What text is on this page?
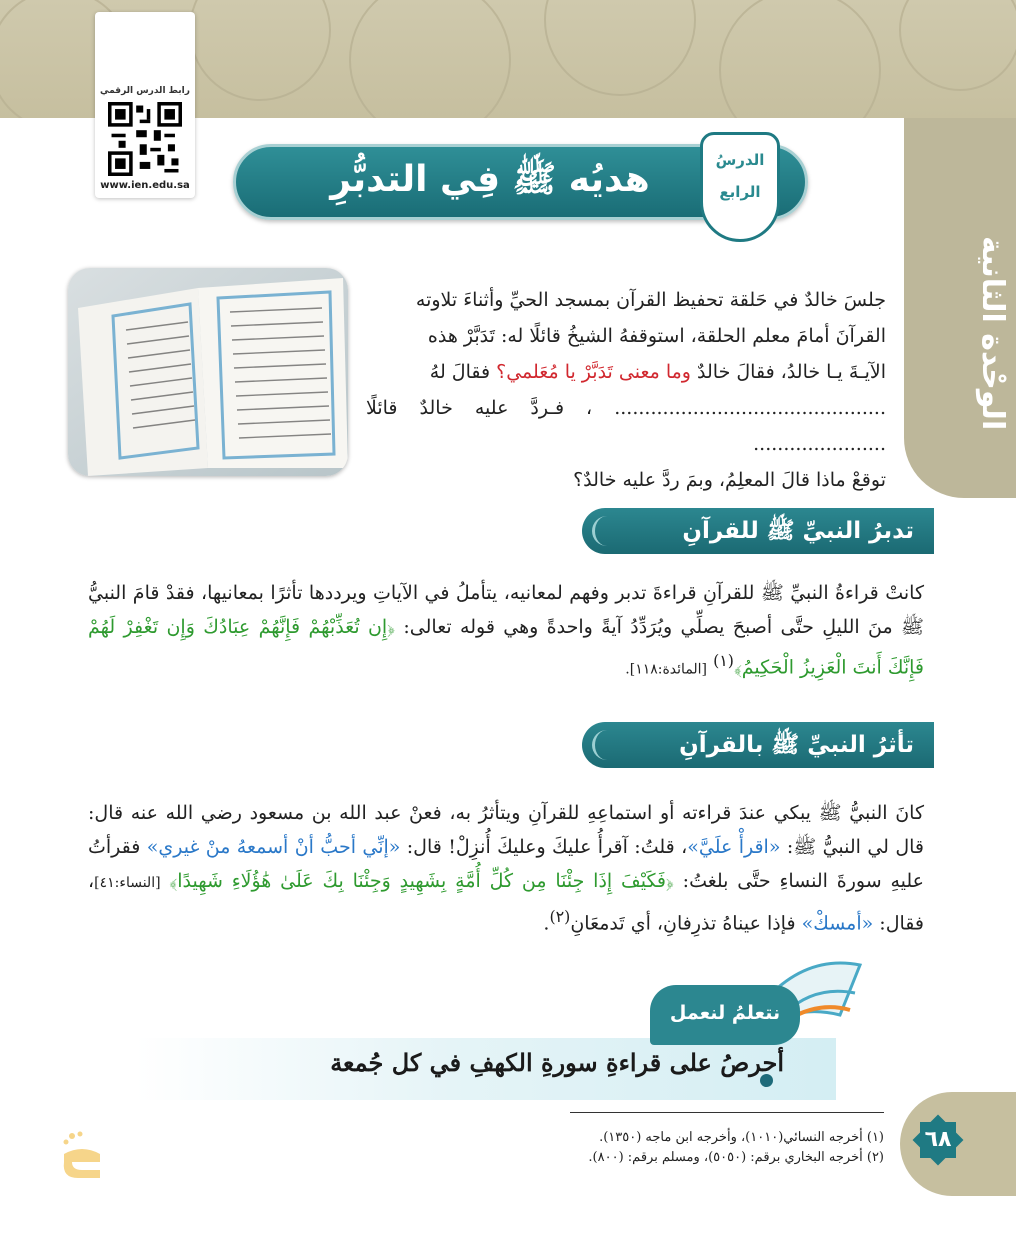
الوحْدة الثانية
رابط الدرس الرقمي
www.ien.edu.sa	هديُه ﷺ فِي التدبُّرِ	الدرسُ
الرابع

جلسَ خالدٌ في حَلقة تحفيظ القرآن بمسجد الحيِّ وأثناءَ تلاوته

القرآنَ أمامَ معلم الحلقة، استوقفهُ الشيخُ قائلًا له: تَدَبَّرْ هذه

الآيـةَ يـا خالدُ، فقالَ خالدٌ وما معنى تَدَبَّرْ يا مُعَلمي؟ فقالَ لهُ

............................................. ، فـردَّ عليه خالدٌ قائلًا ......................

توقعْ ماذا قالَ المعلِمُ، وبمَ ردَّ عليه خالدٌ؟

تدبرُ النبيِّ ﷺ للقرآنِ
كانتْ قراءةُ النبيِّ ﷺ للقرآنِ قراءةَ تدبر وفهم لمعانيه، يتأملُ في الآياتِ ويرددها تأثرًا بمعانيها، فقدْ قامَ النبيُّ ﷺ منَ الليلِ حتَّى أصبحَ يصلِّي ويُرَدِّدُ آيةً واحدةً وهي قوله تعالى: ﴿إِن تُعَذِّبْهُمْ فَإِنَّهُمْ عِبَادُكَ وَإِن تَغْفِرْ لَهُمْ فَإِنَّكَ أَنتَ الْعَزِيزُ الْحَكِيمُ﴾$^{(١)}$ [المائدة:١١٨].
تأثرُ النبيِّ ﷺ بالقرآنِ
كانَ النبيُّ ﷺ يبكي عندَ قراءته أو استماعِهِ للقرآنِ ويتأثرُ به، فعنْ عبد الله بن مسعود رضي الله عنه قال: قال لي النبيُّ ﷺ: «اقرأْ علَيَّ»، قلتُ: آقرأُ عليكَ وعليكَ أُنزِلْ! قال: «إنِّي أحبُّ أنْ أسمعهُ منْ غيري» فقرأتُ عليهِ سورةَ النساءِ حتَّى بلغتُ: ﴿فَكَيْفَ إِذَا جِئْنَا مِن كُلِّ أُمَّةٍ بِشَهِيدٍ وَجِئْنَا بِكَ عَلَىٰ هَٰؤُلَاءِ شَهِيدًا﴾ [النساء:٤١]، فقال: «أمسكْ» فإذا عيناهُ تذرِفانِ، أي تَدمعَانِ$^{(٢)}$.
نتعلمُ لنعمل
أحرصُ على قراءةِ سورةِ الكهفِ في كل جُمعة
(١) أخرجه النسائي(١٠١٠)، وأخرجه ابن ماجه (١٣٥٠).
(٢) أخرجه البخاري برقم: (٥٠٥٠)، ومسلم برقم: (٨٠٠).
٦٨
